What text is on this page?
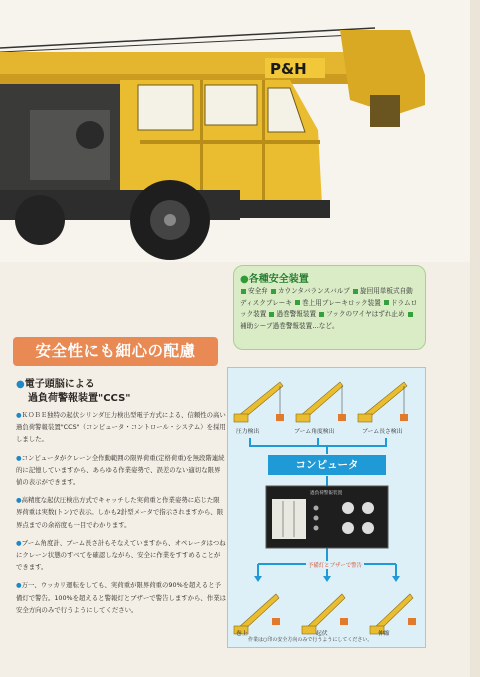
P&H
●各種安全装置
安全弁 カウンタバランスバルブ 旋回用単板式自動ディスクブレーキ 巻上用ブレーキロック装置 ドラムロック装置 過巻警報装置 フックのワイヤはずれ止め 補助シーブ過巻警報装置…など。
安全性にも細心の配慮
●電子頭脳による
過負荷警報装置"CCS"

●ＫＯＢＥ独特の起伏シリンダ圧力検出型電子方式による、信頼性の高い過負荷警報装置"CCS"（コンピュータ・コントロール・システム）を採用しました。

●コンピュータがクレーン全作動範囲の限界荷重(定格荷重)を無段階連続的に記憶していますから、あらゆる作業姿勢で、誤差のない適切な限界値の表示ができます。

●高精度な起伏圧検出方式でキャッチした実荷重と作業姿勢に応じた限界荷重は実数(トン)で表示。しかも2針型メータで指示されますから、限界点までの余裕度も一目でわかります。

●ブーム角度計、ブーム長さ計もそなえていますから、オペレータはつねにクレーン状態のすべてを確認しながら、安全に作業をすすめることができます。

●万一、ウッカリ運転をしても、実荷重が限界荷重の90%を超えると予備灯で警告。100%を超えると警報灯とブザーで警告しますから、作業は安全方向のみで行うようにしてください。

圧力検出	ブーム角度検出	ブーム長さ検出
コンピュータ
過負荷警報装置
予備灯とブザーで警告
巻上	起伏	伸縮
作業は○印の安全方向のみで行うようにしてください。
